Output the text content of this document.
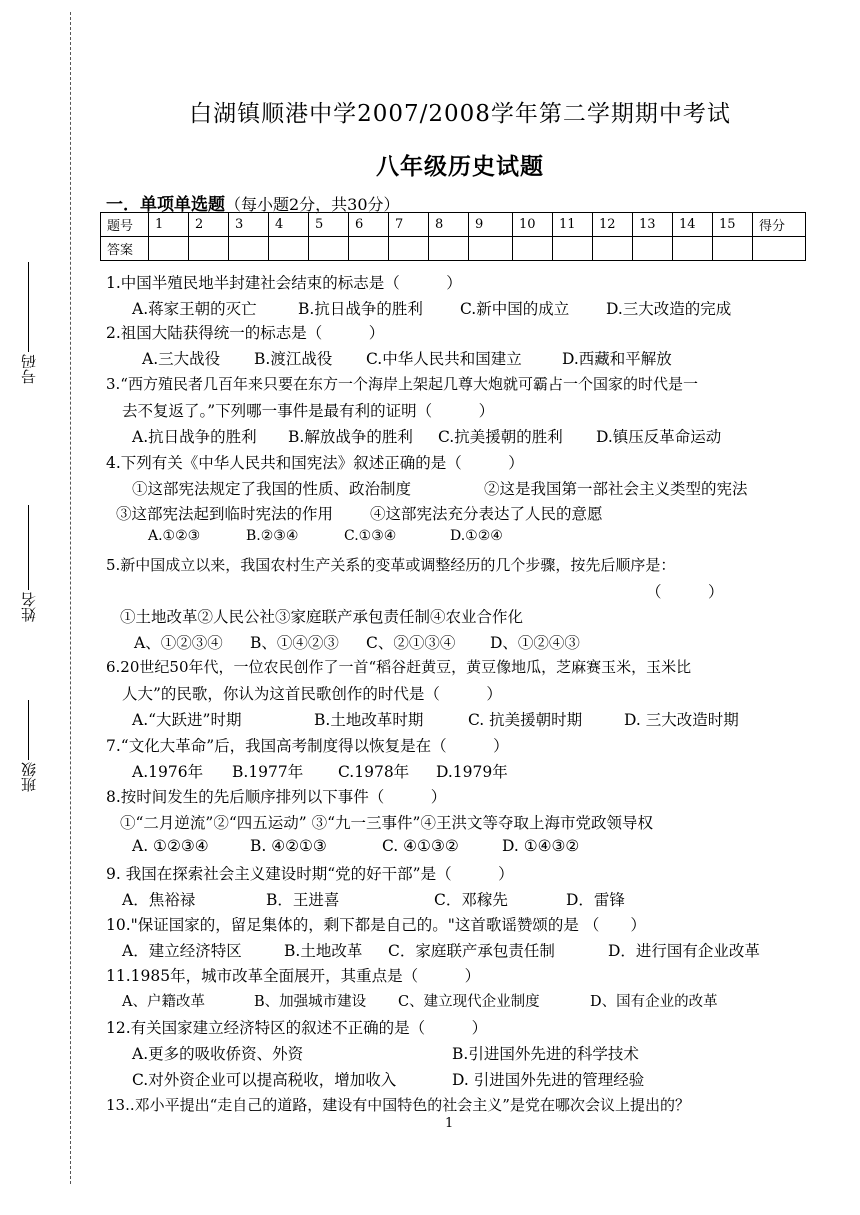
号码
姓名
班级
白湖镇顺港中学2007/2008学年第二学期期中考试
八年级历史试题
一．单项单选题（每小题2分，共30分）
题号	1	2	3	4	5	6	7	8	9	10	11	12	13	14	15	得分
答案																
1.中国半殖民地半封建社会结束的标志是（　　　）
A.蒋家王朝的灭亡	B.抗日战争的胜利 C.新中国的成立 D.三大改造的完成
2.祖国大陆获得统一的标志是（　　　）
A.三大战役 B.渡江战役 C.中华人民共和国建立	D.西藏和平解放
3.“西方殖民者几百年来只要在东方一个海岸上架起几尊大炮就可霸占一个国家的时代是一
去不复返了。”下列哪一事件是最有利的证明（　　　）
A.抗日战争的胜利 B.解放战争的胜利 C.抗美援朝的胜利 D.镇压反革命运动
4.下列有关《中华人民共和国宪法》叙述正确的是（　　　）
①这部宪法规定了我国的性质、政治制度	②这是我国第一部社会主义类型的宪法
③这部宪法起到临时宪法的作用 ④这部宪法充分表达了人民的意愿
A.①②③	B.②③④	C.①③④	D.①②④
5.新中国成立以来，我国农村生产关系的变革或调整经历的几个步骤，按先后顺序是：
（　　　）
①土地改革②人民公社③家庭联产承包责任制④农业合作化
A、①②③④ B、①④②③ C、②①③④ D、①②④③
6.20世纪50年代，一位农民创作了一首“稻谷赶黄豆，黄豆像地瓜，芝麻赛玉米，玉米比
人大”的民歌，你认为这首民歌创作的时代是（　　　）
A.“大跃进”时期	B.土地改革时期	C. 抗美援朝时期	D. 三大改造时期
7.“文化大革命”后，我国高考制度得以恢复是在（　　　）
A.1976年 B.1977年 C.1978年 D.1979年
8.按时间发生的先后顺序排列以下事件（　　　）
①“二月逆流”②“四五运动” ③“九一三事件”④王洪文等夺取上海市党政领导权
A. ①②③④	B. ④②①③	C. ④①③②	D. ①④③②
9. 我国在探索社会主义建设时期“党的好干部”是（　　　）
A．焦裕禄	B．王进喜	C．邓稼先	D．雷锋
10."保证国家的，留足集体的，剩下都是自己的。"这首歌谣赞颂的是 （　　）
A．建立经济特区	B.土地改革 C．家庭联产承包责任制	D．进行国有企业改革
11.1985年，城市改革全面展开，其重点是（　　　）
A、户籍改革	B、加强城市建设 C、建立现代企业制度	D、国有企业的改革
12.有关国家建立经济特区的叙述不正确的是（　　　）
A.更多的吸收侨资、外资	B.引进国外先进的科学技术
C.对外资企业可以提高税收，增加收入	D. 引进国外先进的管理经验
13..邓小平提出“走自己的道路，建设有中国特色的社会主义”是党在哪次会议上提出的？
1
